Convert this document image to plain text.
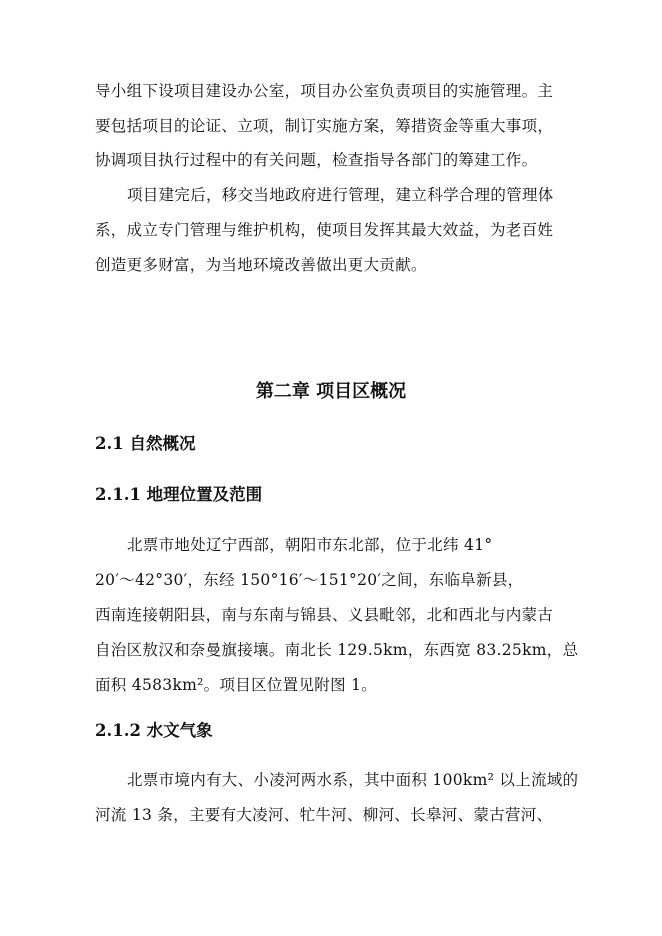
导小组下设项目建设办公室，项目办公室负责项目的实施管理。主
要包括项目的论证、立项，制订实施方案，筹措资金等重大事项，
协调项目执行过程中的有关问题，检查指导各部门的筹建工作。
项目建完后，移交当地政府进行管理，建立科学合理的管理体
系，成立专门管理与维护机构，使项目发挥其最大效益，为老百姓
创造更多财富，为当地环境改善做出更大贡献。
第二章 项目区概况
2.1 自然概况
2.1.1 地理位置及范围
北票市地处辽宁西部，朝阳市东北部，位于北纬 41°
20′～42°30′，东经 150°16′～151°20′之间，东临阜新县，
西南连接朝阳县，南与东南与锦县、义县毗邻，北和西北与内蒙古
自治区敖汉和奈曼旗接壤。南北长 129.5km，东西宽 83.25km，总
面积 4583km²。项目区位置见附图 1。
2.1.2 水文气象
北票市境内有大、小凌河两水系，其中面积 100km² 以上流域的
河流 13 条，主要有大凌河、牤牛河、柳河、长皋河、蒙古营河、
